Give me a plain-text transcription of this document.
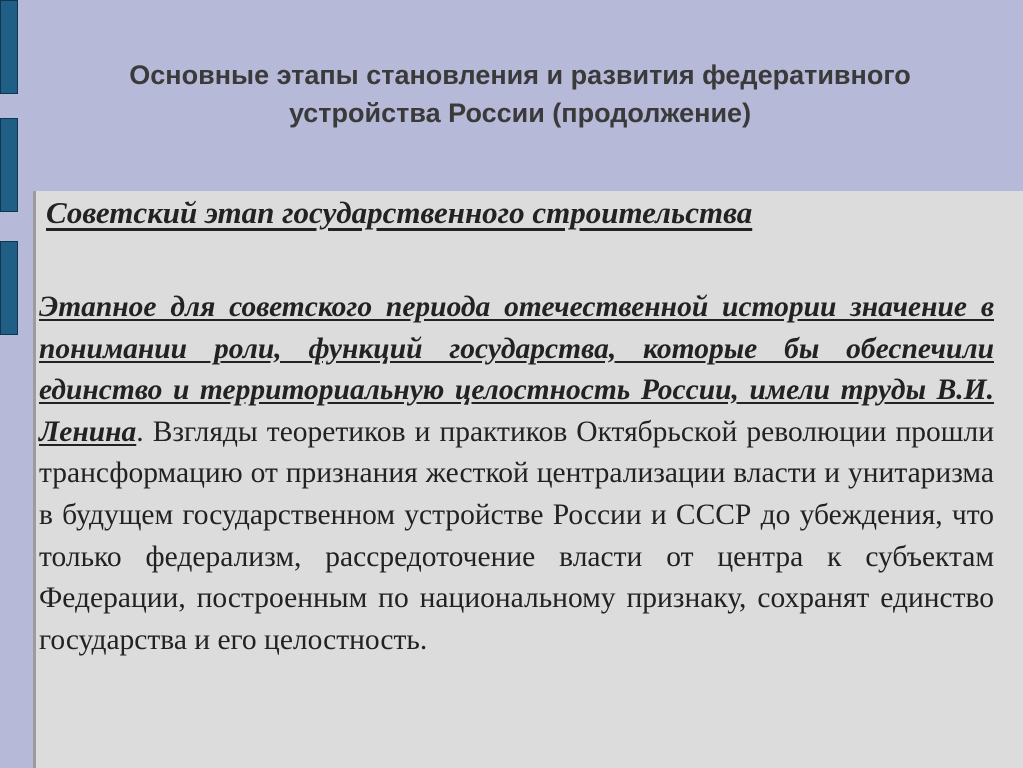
Основные этапы становления и развития федеративного устройства России (продолжение)
Советский этап государственного строительства

Этапное для советского периода отечественной истории значение в понимании роли, функций государства, которые бы обеспечили единство и территориальную целостность России, имели труды В.И. Ленина. Взгляды теоретиков и практиков Октябрьской революции прошли трансформацию от признания жесткой централизации власти и унитаризма в будущем государственном устройстве России и СССР до убеждения, что только федерализм, рассредоточение власти от центра к субъектам Федерации, построенным по национальному признаку, сохранят единство государства и его целостность.
